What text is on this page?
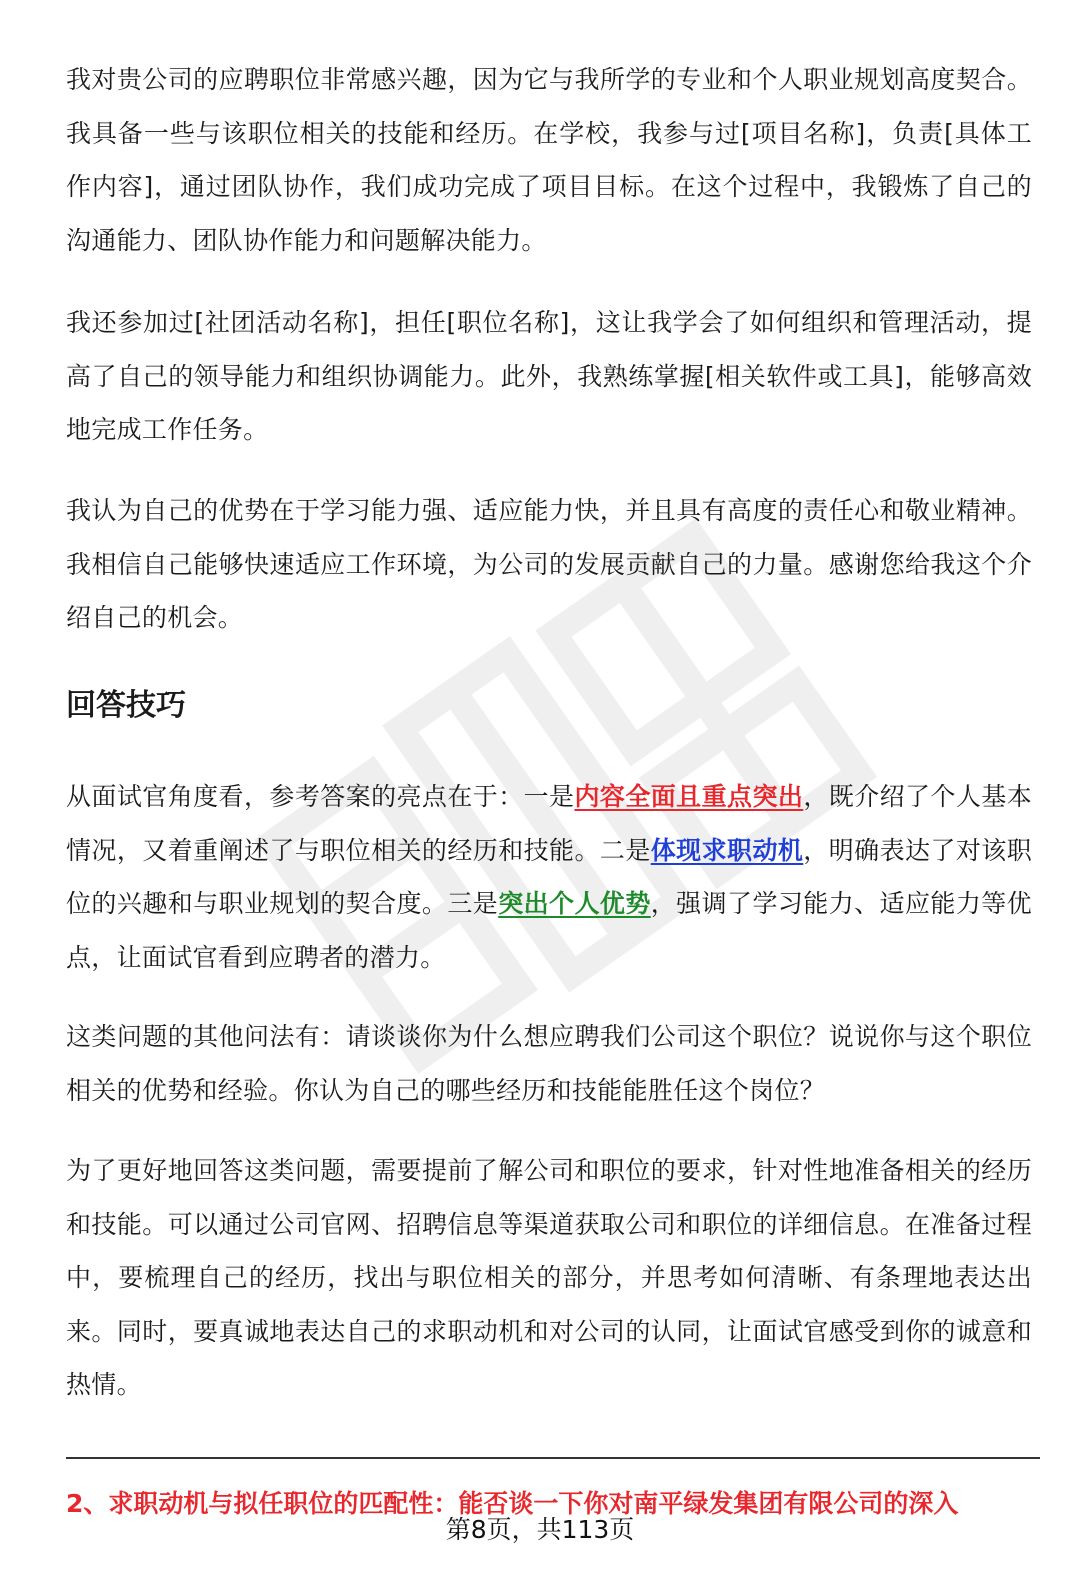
我对贵公司的应聘职位非常感兴趣，因为它与我所学的专业和个人职业规划高度契合。我具备一些与该职位相关的技能和经历。在学校，我参与过[项目名称]，负责[具体工作内容]，通过团队协作，我们成功完成了项目目标。在这个过程中，我锻炼了自己的沟通能力、团队协作能力和问题解决能力。

我还参加过[社团活动名称]，担任[职位名称]，这让我学会了如何组织和管理活动，提高了自己的领导能力和组织协调能力。此外，我熟练掌握[相关软件或工具]，能够高效地完成工作任务。

我认为自己的优势在于学习能力强、适应能力快，并且具有高度的责任心和敬业精神。我相信自己能够快速适应工作环境，为公司的发展贡献自己的力量。感谢您给我这个介绍自己的机会。

回答技巧

从面试官角度看，参考答案的亮点在于：一是内容全面且重点突出，既介绍了个人基本情况，又着重阐述了与职位相关的经历和技能。二是体现求职动机，明确表达了对该职位的兴趣和与职业规划的契合度。三是突出个人优势，强调了学习能力、适应能力等优点，让面试官看到应聘者的潜力。

这类问题的其他问法有：请谈谈你为什么想应聘我们公司这个职位？说说你与这个职位相关的优势和经验。你认为自己的哪些经历和技能能胜任这个岗位？

为了更好地回答这类问题，需要提前了解公司和职位的要求，针对性地准备相关的经历和技能。可以通过公司官网、招聘信息等渠道获取公司和职位的详细信息。在准备过程中，要梳理自己的经历，找出与职位相关的部分，并思考如何清晰、有条理地表达出来。同时，要真诚地表达自己的求职动机和对公司的认同，让面试官感受到你的诚意和热情。

2、求职动机与拟任职位的匹配性：能否谈一下你对南平绿发集团有限公司的深入

第8页，共113页
